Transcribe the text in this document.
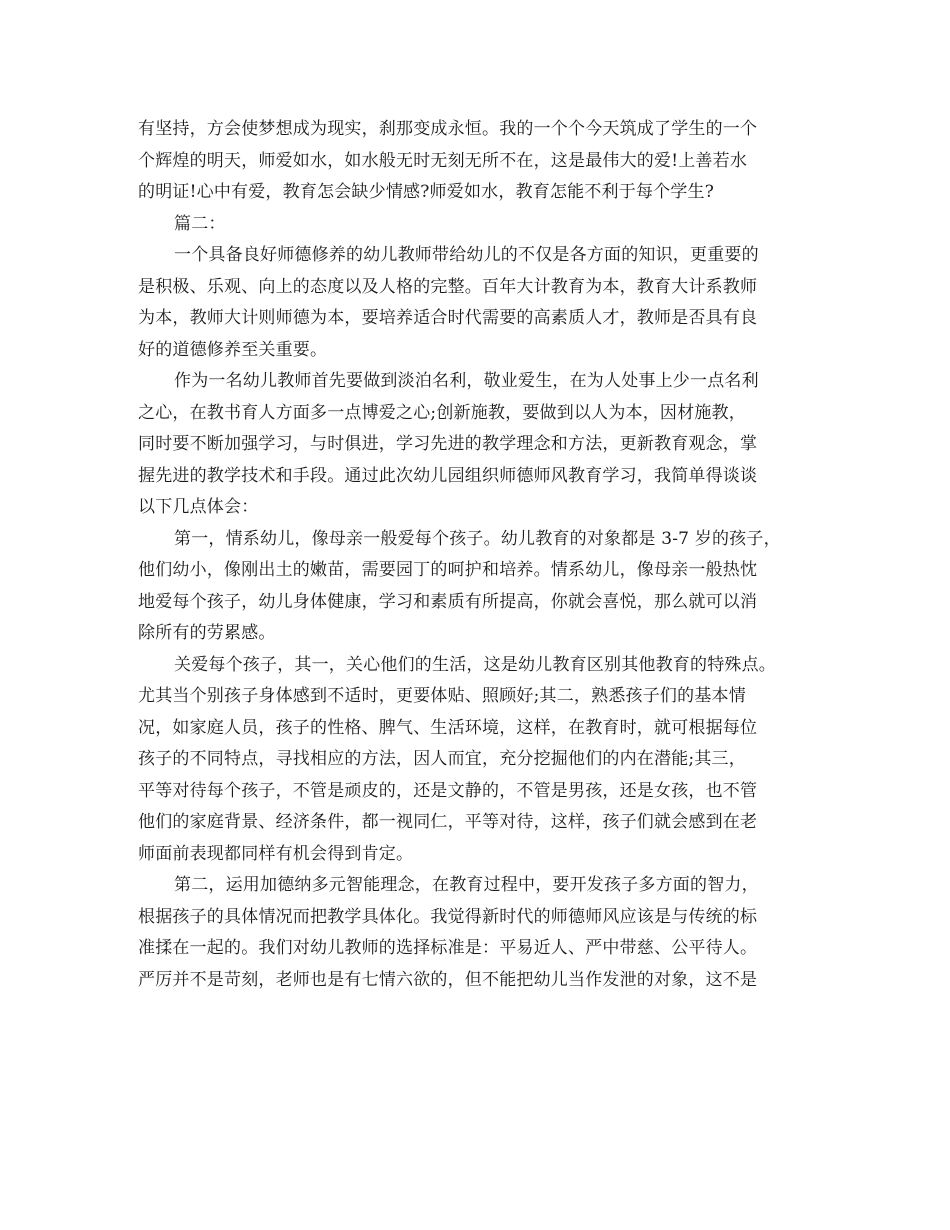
有坚持，方会使梦想成为现实，刹那变成永恒。我的一个个今天筑成了学生的一个
个辉煌的明天，师爱如水，如水般无时无刻无所不在，这是最伟大的爱!上善若水
的明证!心中有爱，教育怎会缺少情感?师爱如水，教育怎能不利于每个学生?
篇二：
一个具备良好师德修养的幼儿教师带给幼儿的不仅是各方面的知识，更重要的
是积极、乐观、向上的态度以及人格的完整。百年大计教育为本，教育大计系教师
为本，教师大计则师德为本，要培养适合时代需要的高素质人才，教师是否具有良
好的道德修养至关重要。
作为一名幼儿教师首先要做到淡泊名利，敬业爱生，在为人处事上少一点名利
之心，在教书育人方面多一点博爱之心;创新施教，要做到以人为本，因材施教，
同时要不断加强学习，与时俱进，学习先进的教学理念和方法，更新教育观念，掌
握先进的教学技术和手段。通过此次幼儿园组织师德师风教育学习，我简单得谈谈
以下几点体会：
第一，情系幼儿，像母亲一般爱每个孩子。幼儿教育的对象都是 3-7 岁的孩子，
他们幼小，像刚出土的嫩苗，需要园丁的呵护和培养。情系幼儿，像母亲一般热忱
地爱每个孩子，幼儿身体健康，学习和素质有所提高，你就会喜悦，那么就可以消
除所有的劳累感。
关爱每个孩子，其一，关心他们的生活，这是幼儿教育区别其他教育的特殊点。
尤其当个别孩子身体感到不适时，更要体贴、照顾好;其二，熟悉孩子们的基本情
况，如家庭人员，孩子的性格、脾气、生活环境，这样，在教育时，就可根据每位
孩子的不同特点，寻找相应的方法，因人而宜，充分挖掘他们的内在潜能;其三，
平等对待每个孩子，不管是顽皮的，还是文静的，不管是男孩，还是女孩，也不管
他们的家庭背景、经济条件，都一视同仁，平等对待，这样，孩子们就会感到在老
师面前表现都同样有机会得到肯定。
第二，运用加德纳多元智能理念，在教育过程中，要开发孩子多方面的智力，
根据孩子的具体情况而把教学具体化。我觉得新时代的师德师风应该是与传统的标
准揉在一起的。我们对幼儿教师的选择标准是：平易近人、严中带慈、公平待人。
严厉并不是苛刻，老师也是有七情六欲的，但不能把幼儿当作发泄的对象，这不是
